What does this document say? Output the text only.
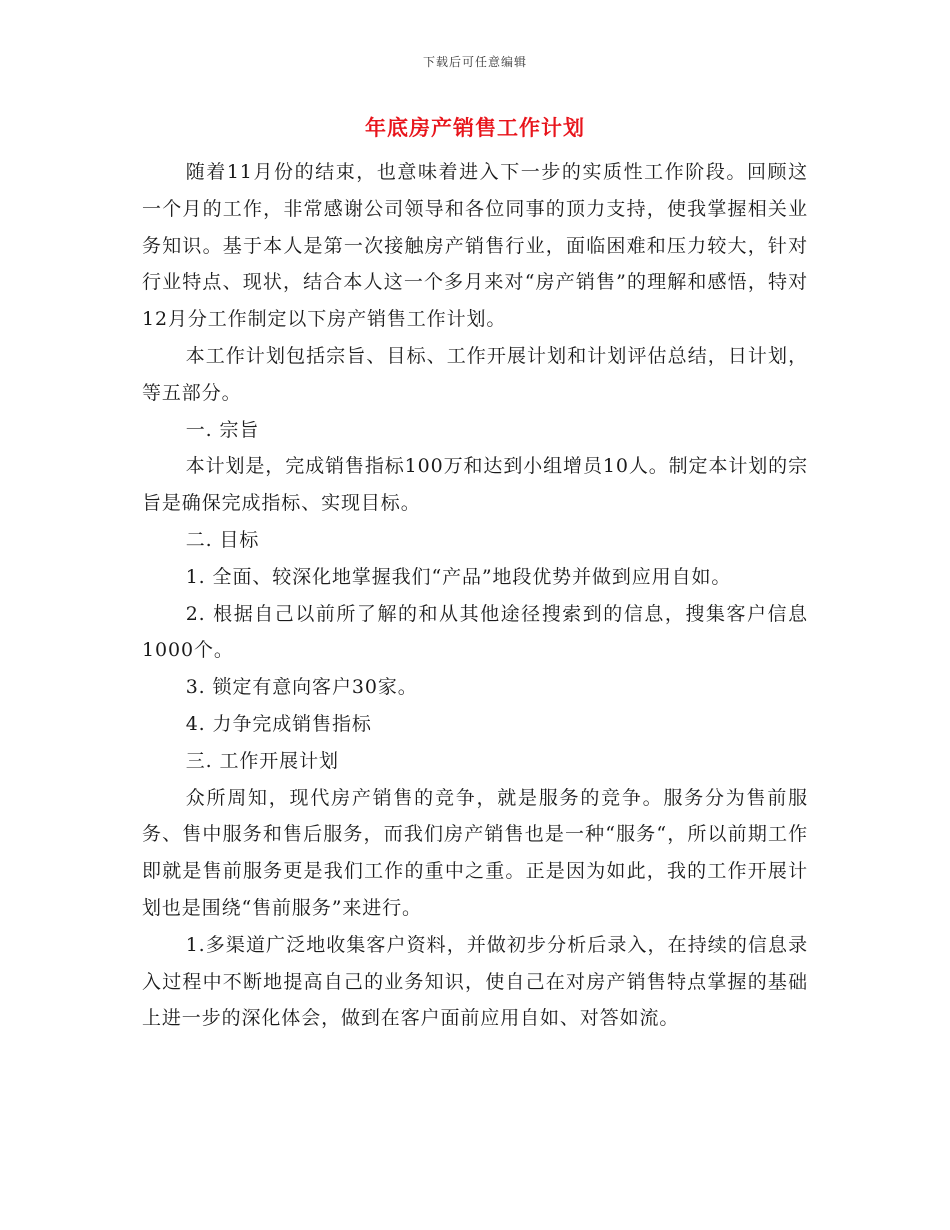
下载后可任意编辑
年底房产销售工作计划

随着11月份的结束，也意味着进入下一步的实质性工作阶段。回顾这一个月的工作，非常感谢公司领导和各位同事的顶力支持，使我掌握相关业务知识。基于本人是第一次接触房产销售行业，面临困难和压力较大，针对行业特点、现状，结合本人这一个多月来对“房产销售”的理解和感悟，特对12月分工作制定以下房产销售工作计划。

本工作计划包括宗旨、目标、工作开展计划和计划评估总结，日计划，等五部分。

一. 宗旨

本计划是，完成销售指标100万和达到小组增员10人。制定本计划的宗旨是确保完成指标、实现目标。

二. 目标

1. 全面、较深化地掌握我们“产品”地段优势并做到应用自如。

2. 根据自己以前所了解的和从其他途径搜索到的信息，搜集客户信息1000个。

3. 锁定有意向客户30家。

4. 力争完成销售指标

三. 工作开展计划

众所周知，现代房产销售的竞争，就是服务的竞争。服务分为售前服务、售中服务和售后服务，而我们房产销售也是一种“服务“，所以前期工作即就是售前服务更是我们工作的重中之重。正是因为如此，我的工作开展计划也是围绕“售前服务”来进行。

1.多渠道广泛地收集客户资料，并做初步分析后录入，在持续的信息录入过程中不断地提高自己的业务知识，使自己在对房产销售特点掌握的基础上进一步的深化体会，做到在客户面前应用自如、对答如流。
